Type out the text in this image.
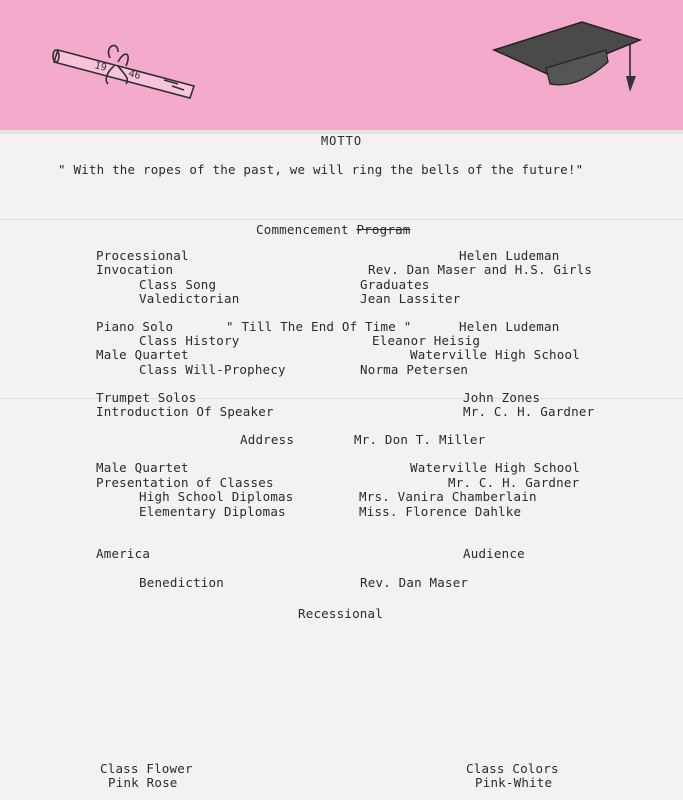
19
46
MOTTO
" With the ropes of the past, we will ring the bells of the future!"
Commencement Program
Processional	Helen Ludeman
Invocation	Rev. Dan Maser and H.S. Girls
Class Song	Graduates
Valedictorian	Jean Lassiter
Piano Solo	" Till The End Of Time "	Helen Ludeman
Class History	Eleanor Heisig
Male Quartet	Waterville High School
Class Will-Prophecy	Norma Petersen
Trumpet Solos	John Zones
Introduction Of Speaker	Mr. C. H. Gardner
Address	Mr. Don T. Miller
Male Quartet	Waterville High School
Presentation of Classes	Mr. C. H. Gardner
High School Diplomas	Mrs. Vanira Chamberlain
Elementary Diplomas	Miss. Florence Dahlke
America	Audience
Benediction	Rev. Dan Maser
Recessional
Class Flower
Pink Rose
Class Colors
Pink-White
